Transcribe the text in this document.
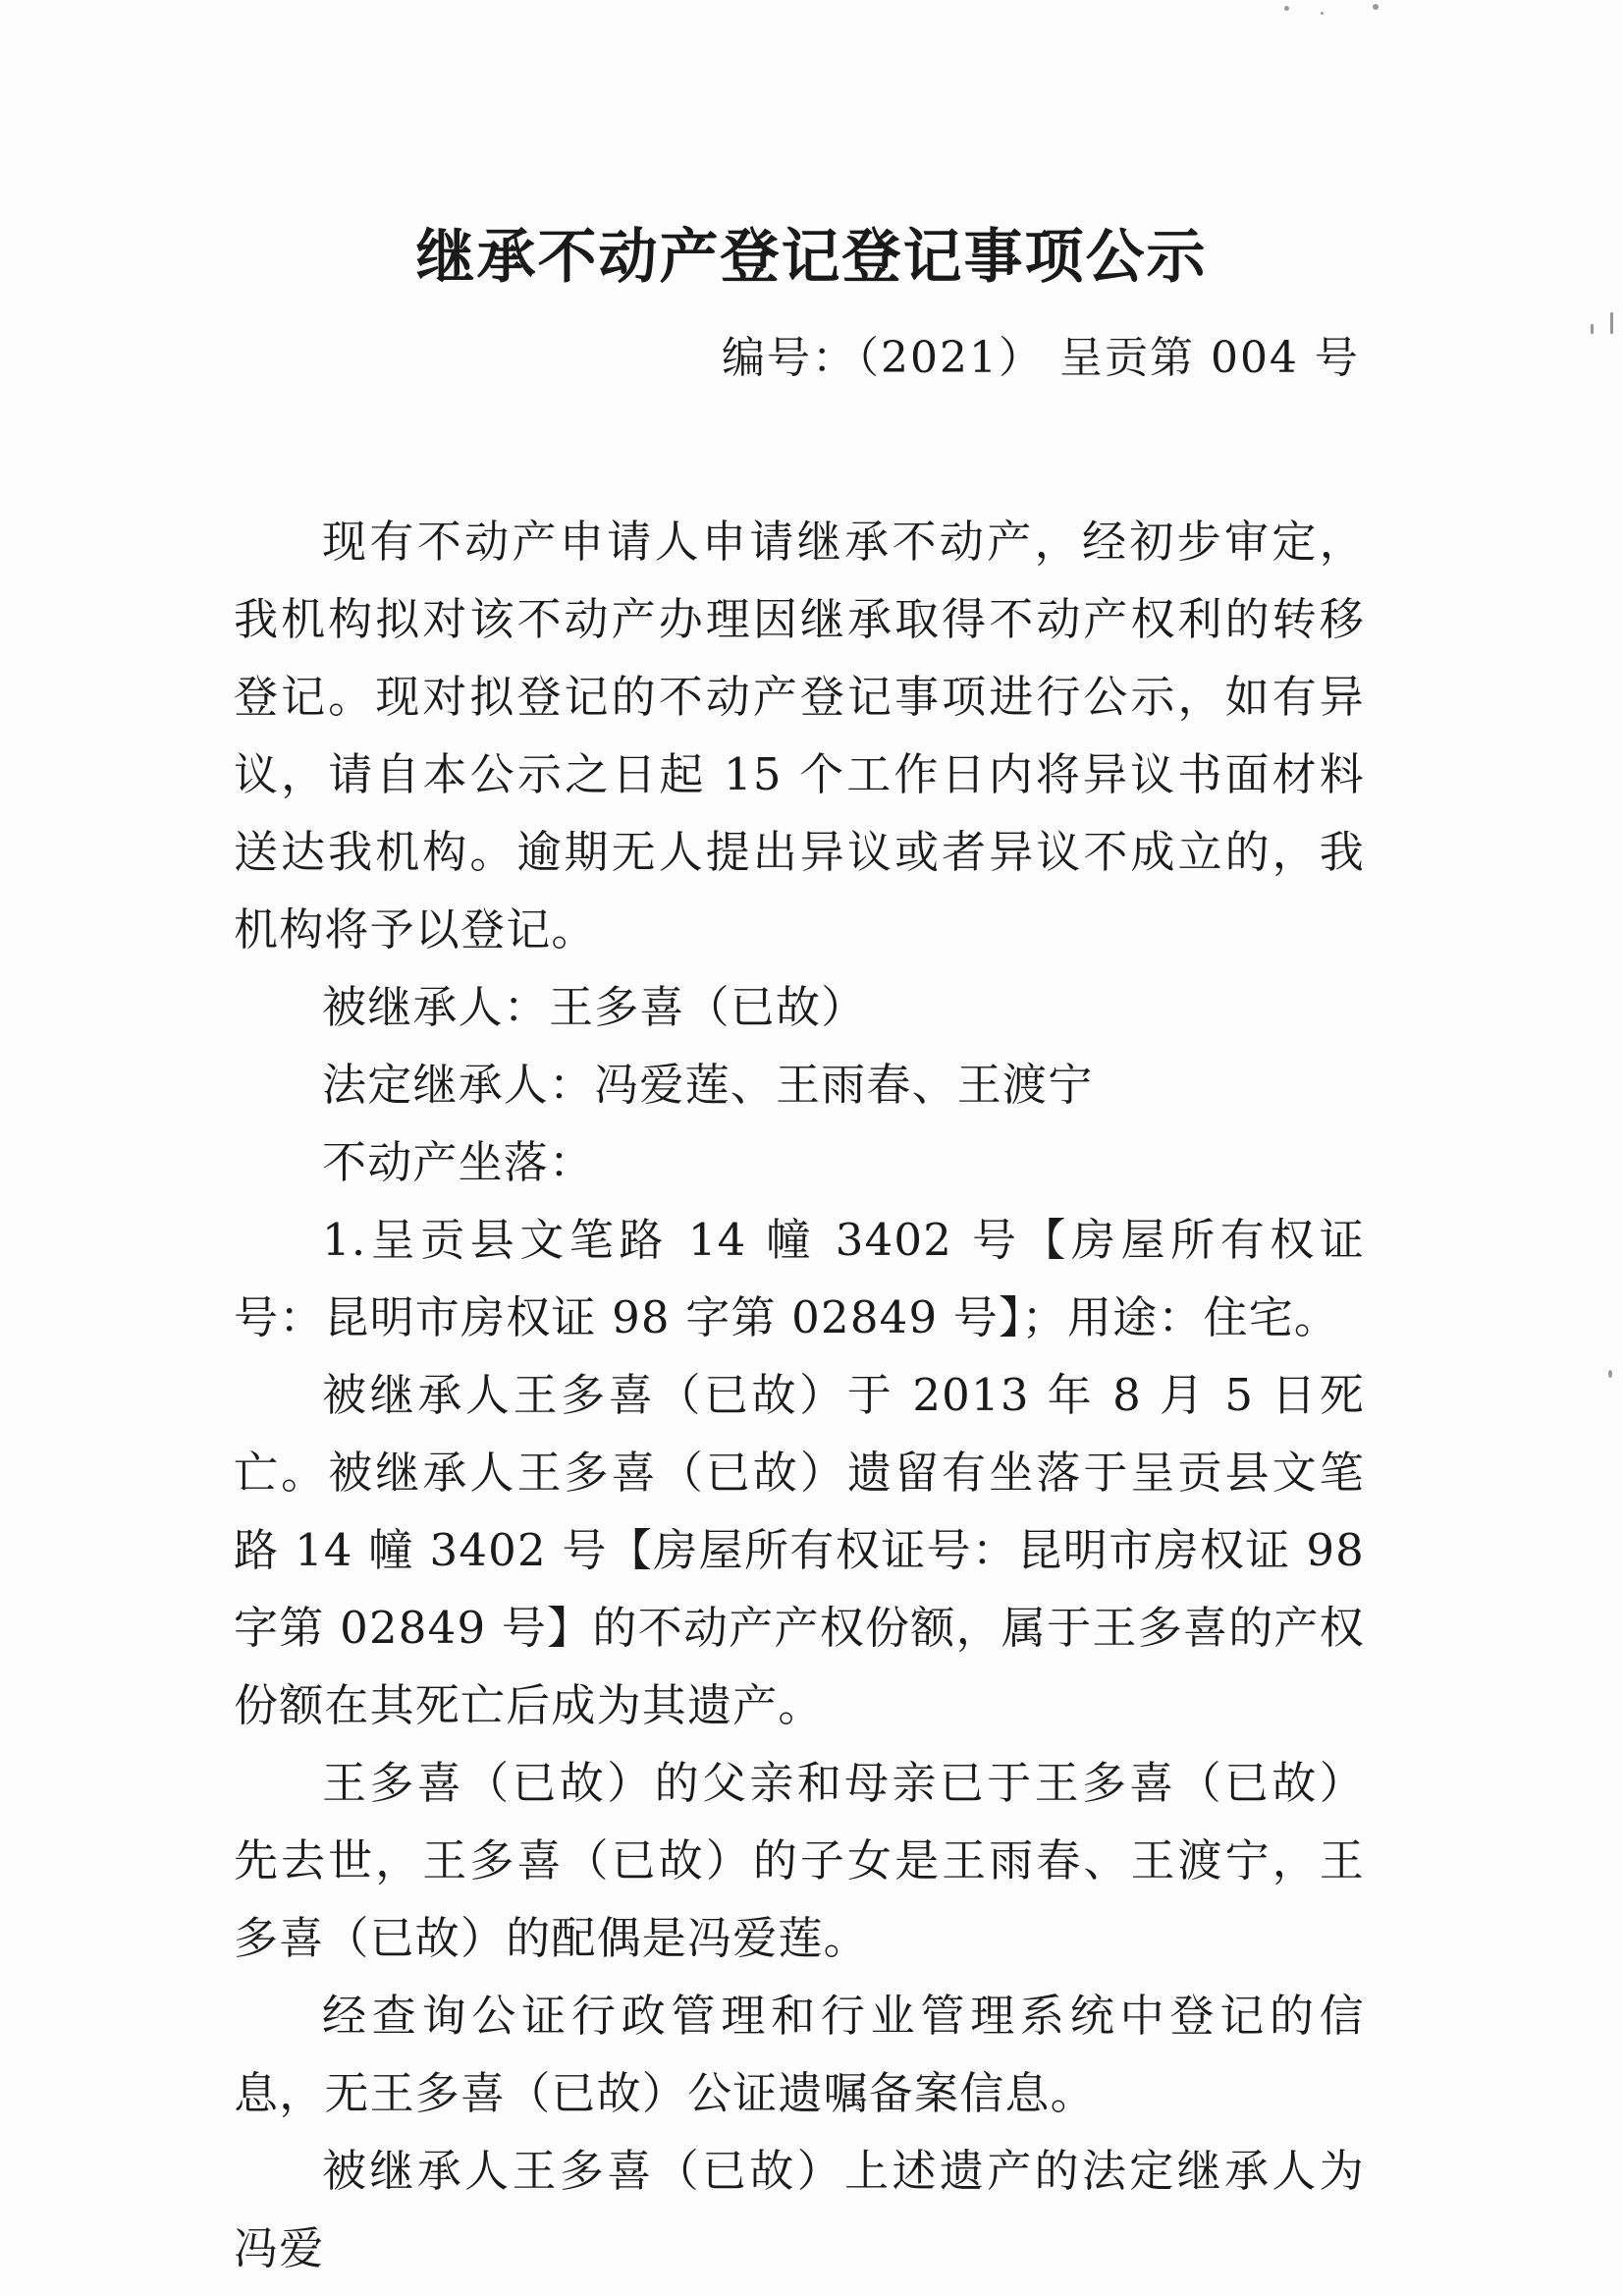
继承不动产登记登记事项公示
编号：（2021） 呈贡第 004 号

现有不动产申请人申请继承不动产，经初步审定，我机构拟对该不动产办理因继承取得不动产权利的转移登记。现对拟登记的不动产登记事项进行公示，如有异议，请自本公示之日起 15 个工作日内将异议书面材料送达我机构。逾期无人提出异议或者异议不成立的，我机构将予以登记。

被继承人：王多喜（已故）

法定继承人：冯爱莲、王雨春、王渡宁

不动产坐落：

1.呈贡县文笔路 14 幢 3402 号【房屋所有权证号：昆明市房权证 98 字第 02849 号】；用途：住宅。

被继承人王多喜（已故）于 2013 年 8 月 5 日死亡。被继承人王多喜（已故）遗留有坐落于呈贡县文笔路 14 幢 3402 号【房屋所有权证号：昆明市房权证 98 字第 02849 号】的不动产产权份额，属于王多喜的产权份额在其死亡后成为其遗产。

王多喜（已故）的父亲和母亲已于王多喜（已故）先去世，王多喜（已故）的子女是王雨春、王渡宁，王多喜（已故）的配偶是冯爱莲。

经查询公证行政管理和行业管理系统中登记的信息，无王多喜（已故）公证遗嘱备案信息。

被继承人王多喜（已故）上述遗产的法定继承人为冯爱
